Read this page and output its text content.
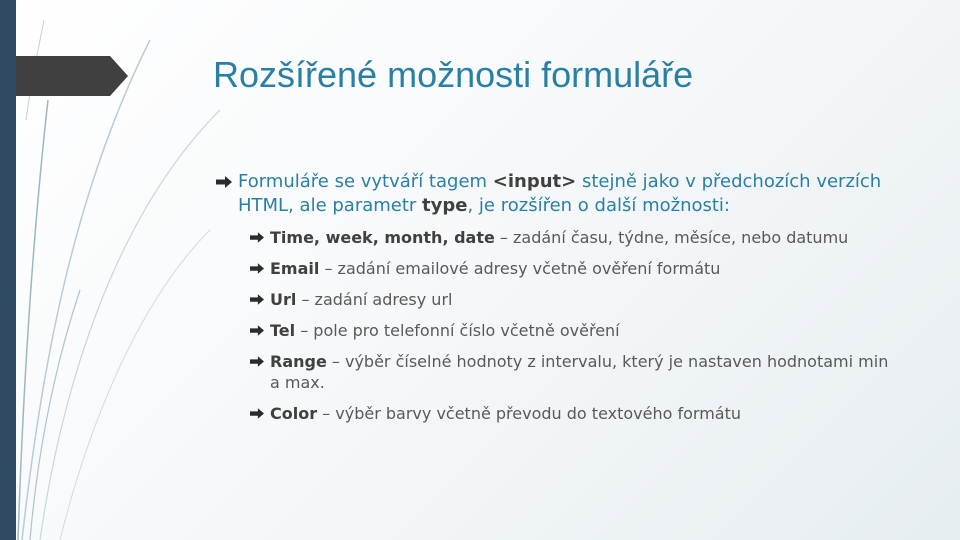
Rozšířené možnosti formuláře
Formuláře se vytváří tagem <input> stejně jako v předchozích verzích HTML, ale parametr type, je rozšířen o další možnosti:
Time, week, month, date – zadání času, týdne, měsíce, nebo datumu
Email – zadání emailové adresy včetně ověření formátu
Url – zadání adresy url
Tel – pole pro telefonní číslo včetně ověření
Range – výběr číselné hodnoty z intervalu, který je nastaven hodnotami min a max.
Color – výběr barvy včetně převodu do textového formátu
